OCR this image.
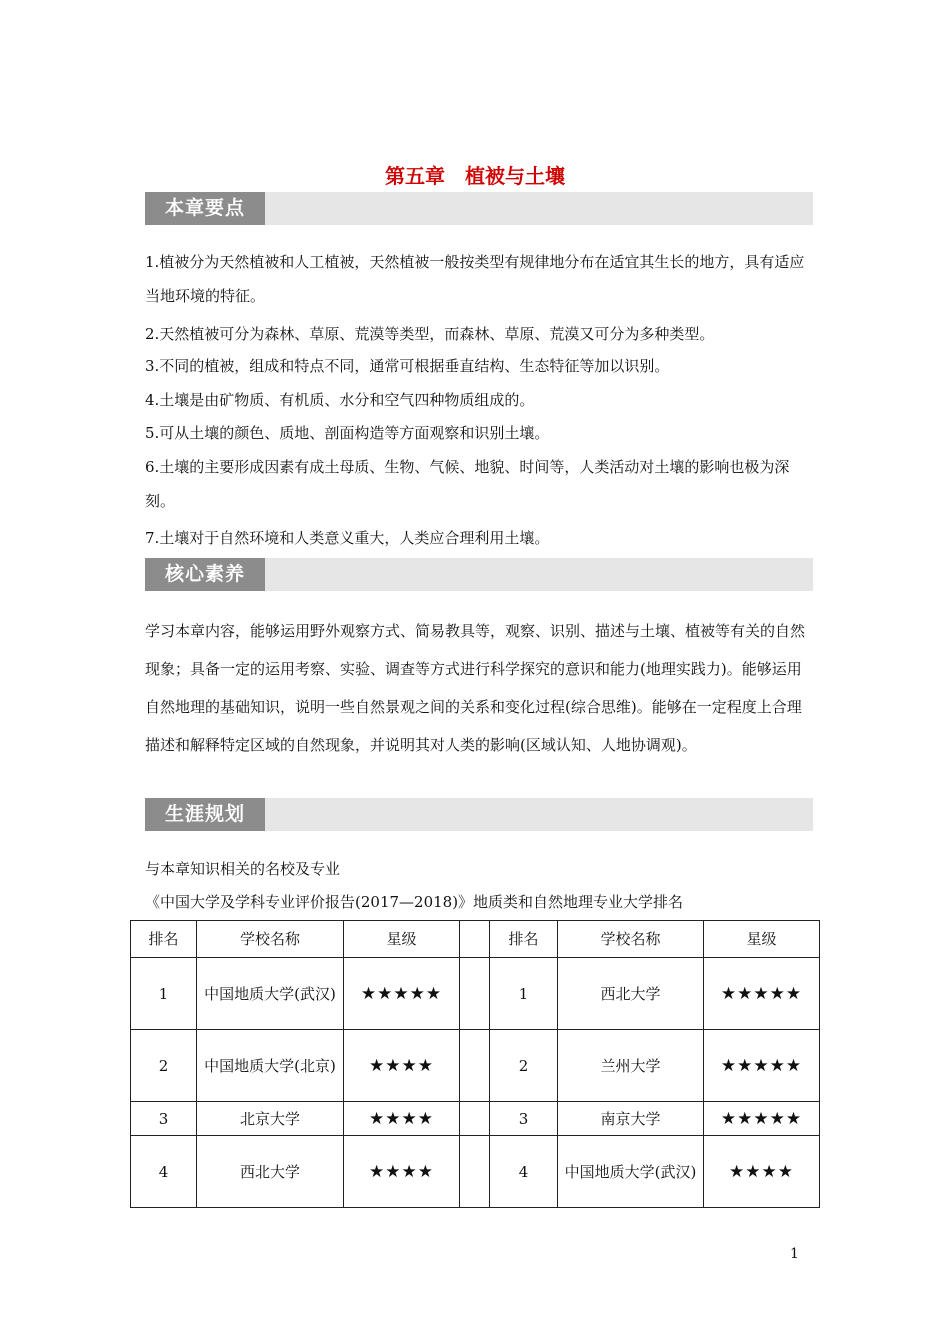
第五章　植被与土壤
本章要点

1.植被分为天然植被和人工植被，天然植被一般按类型有规律地分布在适宜其生长的地方，具有适应当地环境的特征。

2.天然植被可分为森林、草原、荒漠等类型，而森林、草原、荒漠又可分为多种类型。
3.不同的植被，组成和特点不同，通常可根据垂直结构、生态特征等加以识别。
4.土壤是由矿物质、有机质、水分和空气四种物质组成的。
5.可从土壤的颜色、质地、剖面构造等方面观察和识别土壤。

6.土壤的主要形成因素有成土母质、生物、气候、地貌、时间等，人类活动对土壤的影响也极为深刻。

7.土壤对于自然环境和人类意义重大，人类应合理利用土壤。
核心素养

学习本章内容，能够运用野外观察方式、简易教具等，观察、识别、描述与土壤、植被等有关的自然现象；具备一定的运用考察、实验、调查等方式进行科学探究的意识和能力(地理实践力)。能够运用自然地理的基础知识，说明一些自然景观之间的关系和变化过程(综合思维)。能够在一定程度上合理描述和解释特定区域的自然现象，并说明其对人类的影响(区域认知、人地协调观)。

生涯规划
与本章知识相关的名校及专业
《中国大学及学科专业评价报告(2017—2018)》地质类和自然地理专业大学排名
排名	学校名称	星级		排名	学校名称	星级
1	中国地质大学(武汉)	★★★★★		1	西北大学	★★★★★
2	中国地质大学(北京)	★★★★		2	兰州大学	★★★★★
3	北京大学	★★★★		3	南京大学	★★★★★
4	西北大学	★★★★		4	中国地质大学(武汉)	★★★★
1
